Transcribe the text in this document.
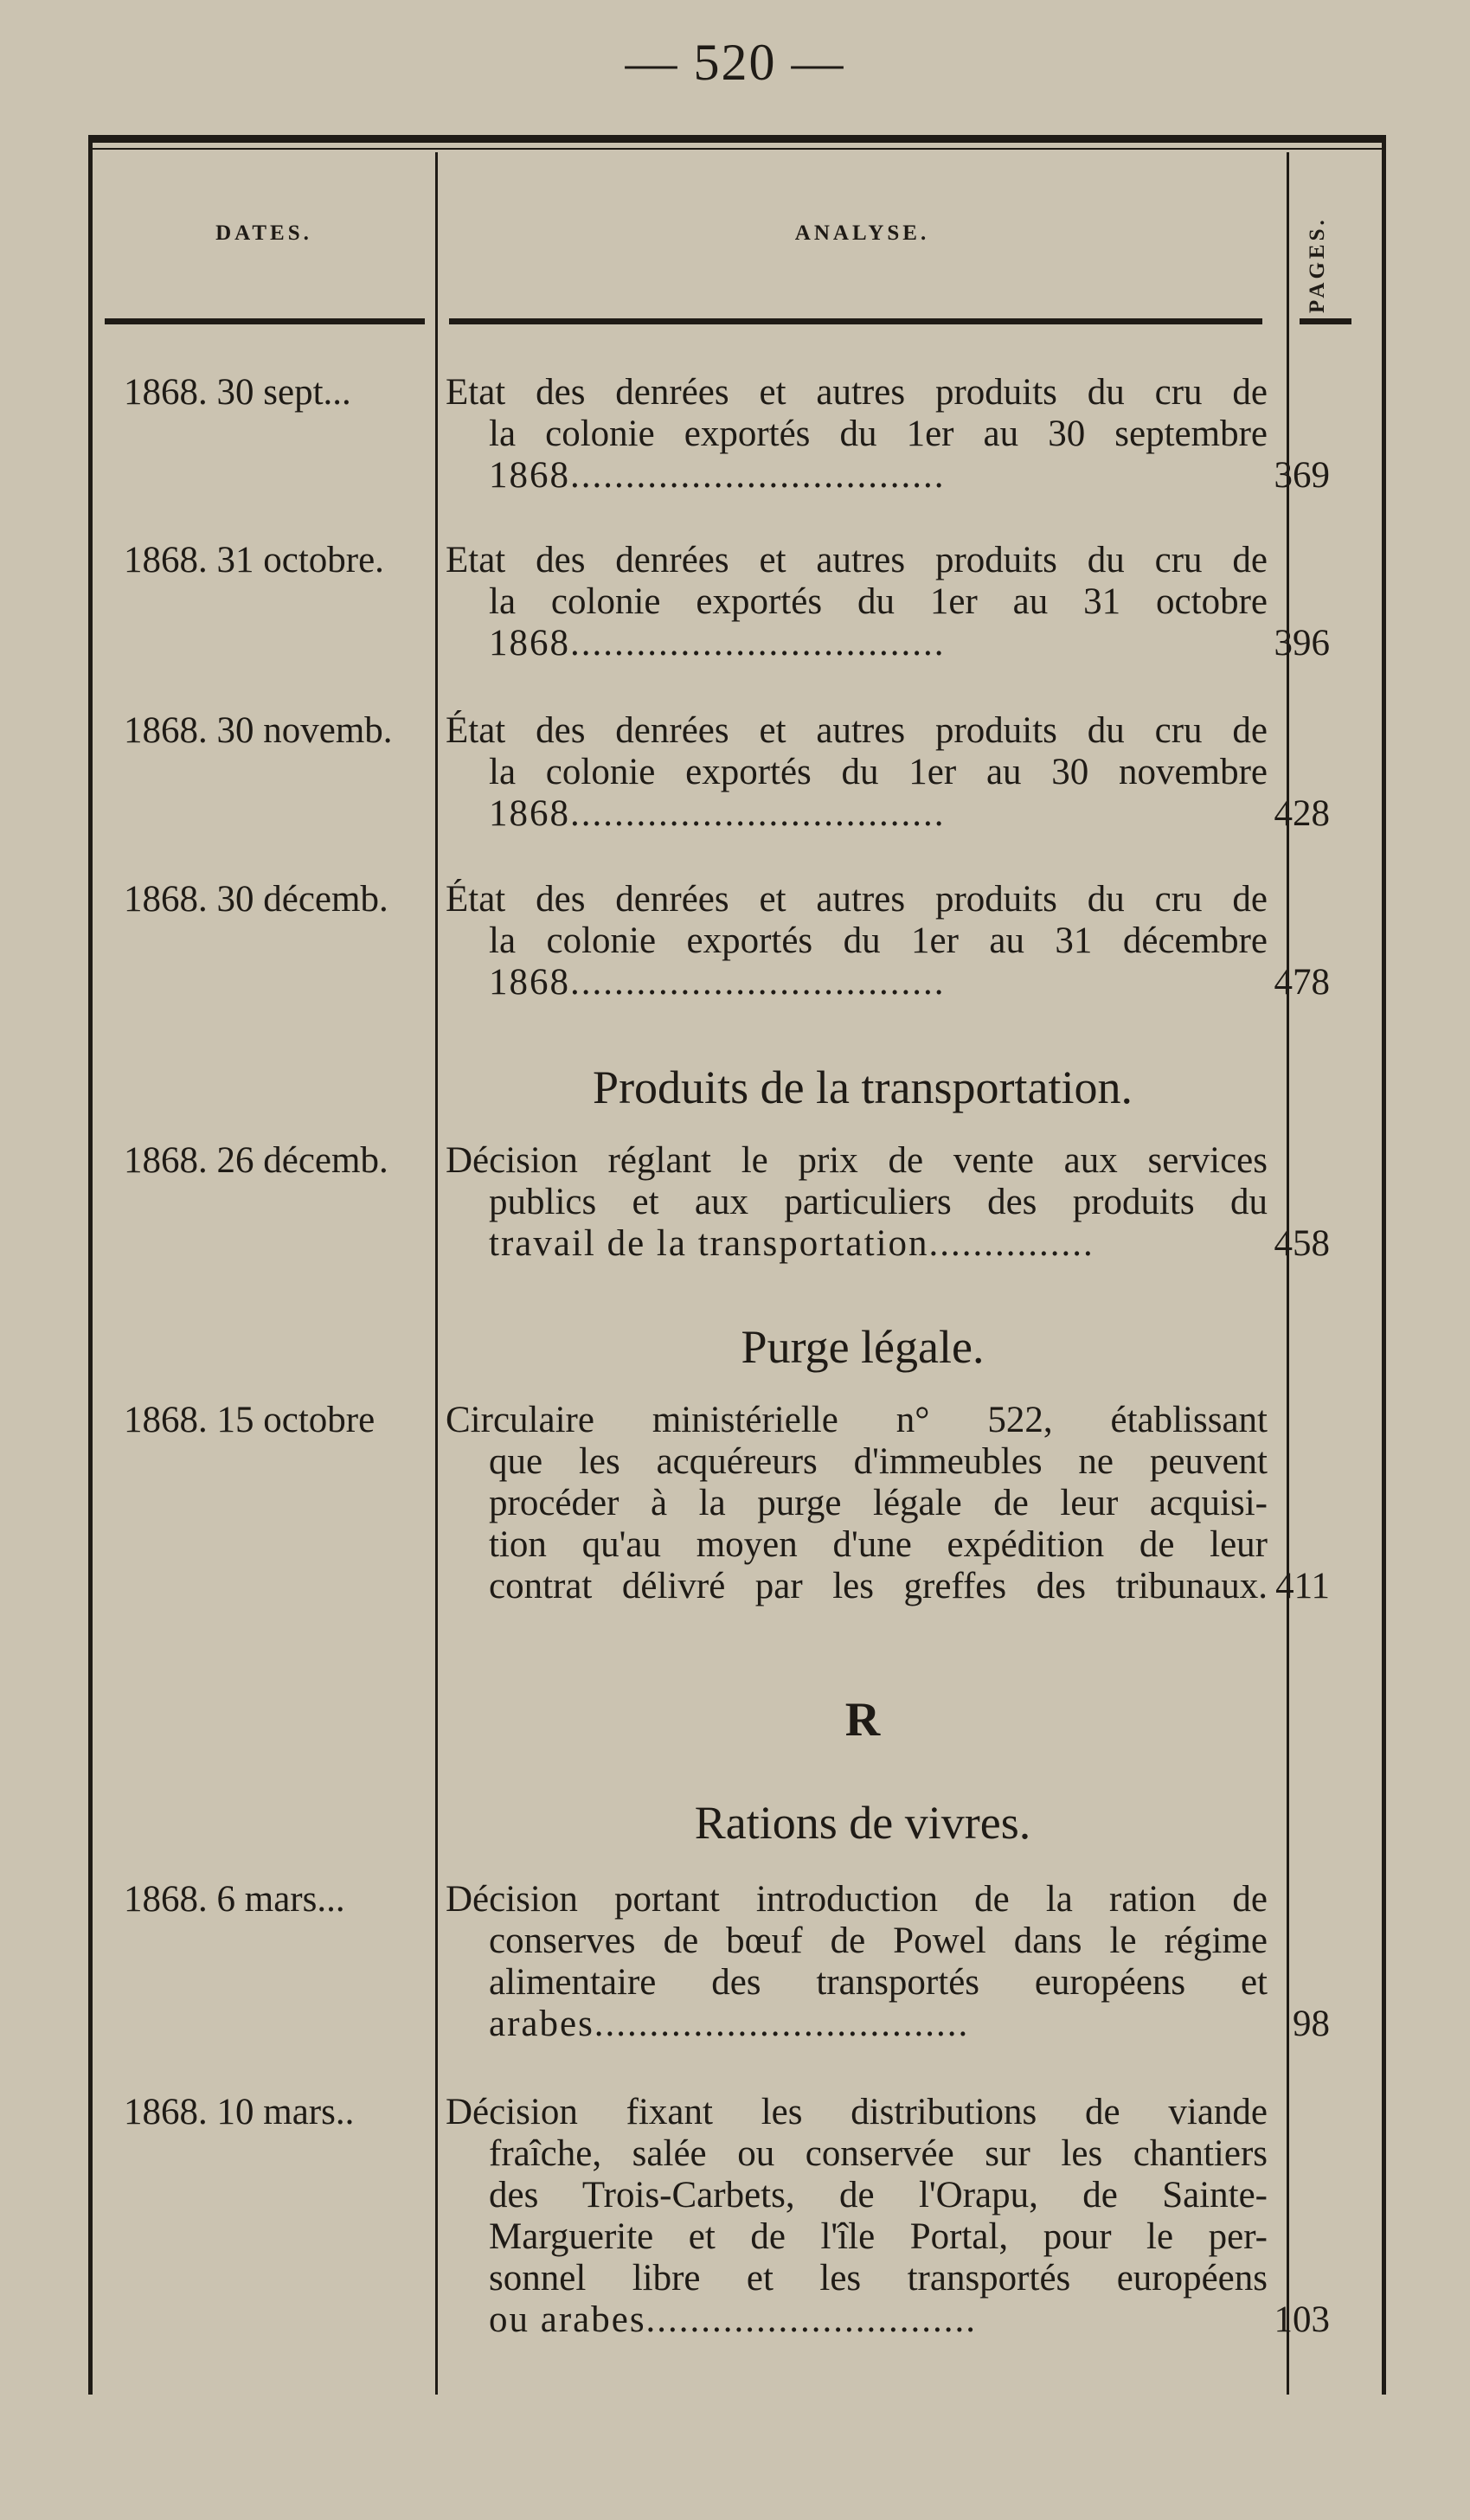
— 520 —
DATES.	ANALYSE.	PAGES.
1868. 30 sept...	Etat des denrées et autres produits du cru de
la colonie exportés du 1er au 30 septembre
1868..................................	369
1868. 31 octobre. Etat des denrées et autres produits du cru de
la colonie exportés du 1er au 31 octobre
1868..................................	396
1868. 30 novemb. État des denrées et autres produits du cru de
la colonie exportés du 1er au 30 novembre
1868..................................	428
1868. 30 décemb. État des denrées et autres produits du cru de
la colonie exportés du 1er au 31 décembre
1868..................................	478
Produits de la transportation.
1868. 26 décemb. Décision réglant le prix de vente aux services
publics et aux particuliers des produits du
travail de la transportation...............	458
Purge légale.
1868. 15 octobre Circulaire ministérielle n° 522, établissant
que les acquéreurs d'immeubles ne peuvent
procéder à la purge légale de leur acquisi-
tion qu'au moyen d'une expédition de leur
contrat délivré par les greffes des tribunaux. 411
R
Rations de vivres.
1868. 6 mars...	Décision portant introduction de la ration de
conserves de bœuf de Powel dans le régime
alimentaire des transportés européens et
arabes..................................	98
1868. 10 mars.. Décision fixant les distributions de viande
fraîche, salée ou conservée sur les chantiers
des Trois-Carbets, de l'Orapu, de Sainte-
Marguerite et de l'île Portal, pour le per-
sonnel libre et les transportés européens
ou arabes..............................	103
